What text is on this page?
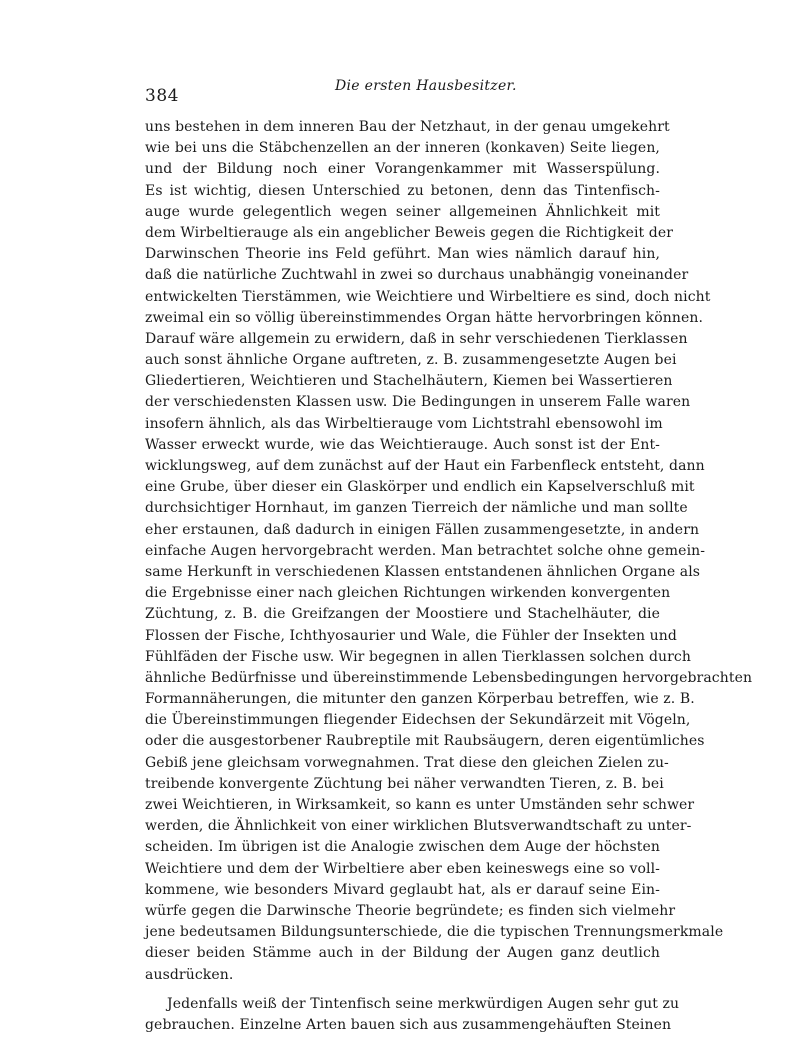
384	Die ersten Hausbesitzer.
uns bestehen in dem inneren Bau der Netzhaut, in der genau umgekehrt
wie bei uns die Stäbchenzellen an der inneren (konkaven) Seite liegen,
und der Bildung noch einer Vorangenkammer mit Wasserspülung.
Es ist wichtig, diesen Unterschied zu betonen, denn das Tintenfisch-
auge wurde gelegentlich wegen seiner allgemeinen Ähnlichkeit mit
dem Wirbeltierauge als ein angeblicher Beweis gegen die Richtigkeit der
Darwinschen Theorie ins Feld geführt. Man wies nämlich darauf hin,
daß die natürliche Zuchtwahl in zwei so durchaus unabhängig voneinander
entwickelten Tierstämmen, wie Weichtiere und Wirbeltiere es sind, doch nicht
zweimal ein so völlig übereinstimmendes Organ hätte hervorbringen können.
Darauf wäre allgemein zu erwidern, daß in sehr verschiedenen Tierklassen
auch sonst ähnliche Organe auftreten, z. B. zusammengesetzte Augen bei
Gliedertieren, Weichtieren und Stachelhäutern, Kiemen bei Wassertieren
der verschiedensten Klassen usw. Die Bedingungen in unserem Falle waren
insofern ähnlich, als das Wirbeltierauge vom Lichtstrahl ebensowohl im
Wasser erweckt wurde, wie das Weichtierauge. Auch sonst ist der Ent-
wicklungsweg, auf dem zunächst auf der Haut ein Farbenfleck entsteht, dann
eine Grube, über dieser ein Glaskörper und endlich ein Kapselverschluß mit
durchsichtiger Hornhaut, im ganzen Tierreich der nämliche und man sollte
eher erstaunen, daß dadurch in einigen Fällen zusammengesetzte, in andern
einfache Augen hervorgebracht werden. Man betrachtet solche ohne gemein-
same Herkunft in verschiedenen Klassen entstandenen ähnlichen Organe als
die Ergebnisse einer nach gleichen Richtungen wirkenden konvergenten
Züchtung, z. B. die Greifzangen der Moostiere und Stachelhäuter, die
Flossen der Fische, Ichthyosaurier und Wale, die Fühler der Insekten und
Fühlfäden der Fische usw. Wir begegnen in allen Tierklassen solchen durch
ähnliche Bedürfnisse und übereinstimmende Lebensbedingungen hervorgebrachten
Formannäherungen, die mitunter den ganzen Körperbau betreffen, wie z. B.
die Übereinstimmungen fliegender Eidechsen der Sekundärzeit mit Vögeln,
oder die ausgestorbener Raubreptile mit Raubsäugern, deren eigentümliches
Gebiß jene gleichsam vorwegnahmen. Trat diese den gleichen Zielen zu-
treibende konvergente Züchtung bei näher verwandten Tieren, z. B. bei
zwei Weichtieren, in Wirksamkeit, so kann es unter Umständen sehr schwer
werden, die Ähnlichkeit von einer wirklichen Blutsverwandtschaft zu unter-
scheiden. Im übrigen ist die Analogie zwischen dem Auge der höchsten
Weichtiere und dem der Wirbeltiere aber eben keineswegs eine so voll-
kommene, wie besonders Mivard geglaubt hat, als er darauf seine Ein-
würfe gegen die Darwinsche Theorie begründete; es finden sich vielmehr
jene bedeutsamen Bildungsunterschiede, die die typischen Trennungsmerkmale
dieser beiden Stämme auch in der Bildung der Augen ganz deutlich
ausdrücken.
Jedenfalls weiß der Tintenfisch seine merkwürdigen Augen sehr gut zu
gebrauchen. Einzelne Arten bauen sich aus zusammengehäuften Steinen
